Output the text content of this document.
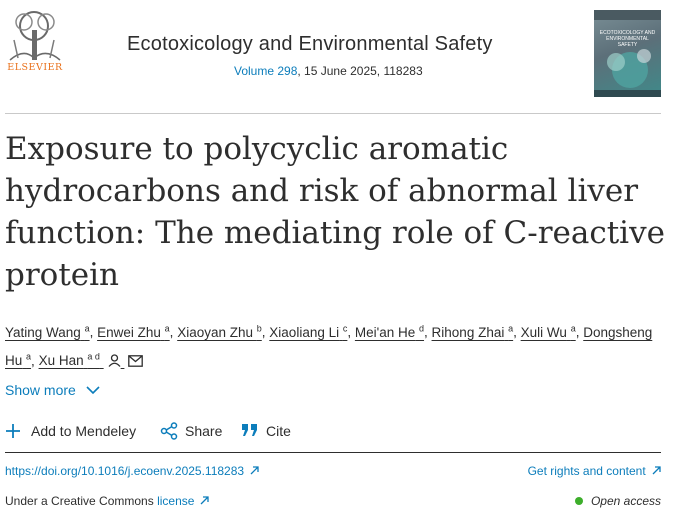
ELSEVIER
Ecotoxicology and Environmental Safety
Volume 298, 15 June 2025, 118283
ECOTOXICOLOGY AND ENVIRONMENTAL SAFETY
Exposure to polycyclic aromatic hydrocarbons and risk of abnormal liver function: The mediating role of C-reactive protein
Yating Wang $^a$, Enwei Zhu $^a$, Xiaoyan Zhu $^b$, Xiaoliang Li $^c$, Mei'an He $^d$, Rihong Zhai $^a$, Xuli Wu $^a$, Dongsheng Hu $^a$, Xu Han $^{a d}$
Show more
Add to Mendeley	Share	Cite
https://doi.org/10.1016/j.ecoenv.2025.118283	Get rights and content
Under a Creative Commons license	Open access
